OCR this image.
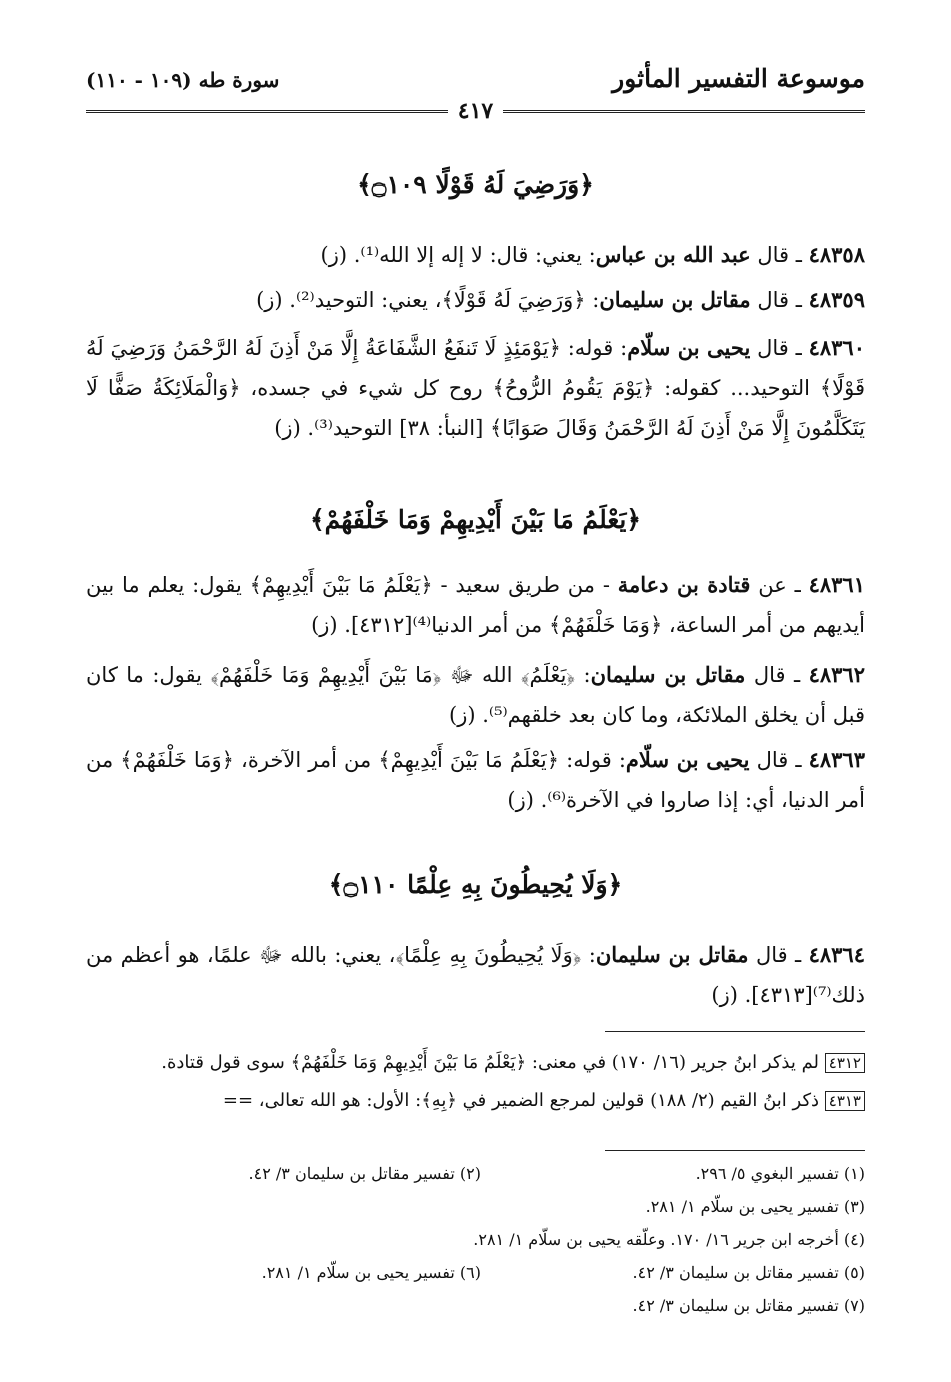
موسوعة التفسير المأثور
سورة طه (١٠٩ - ١١٠)
٤١٧
﴿وَرَضِيَ لَهُ قَوْلًا ۝١٠٩﴾
٤٨٣٥٨ ـ قال عبد الله بن عباس: يعني: قال: لا إله إلا الله⁽¹⁾. (ز)
٤٨٣٥٩ ـ قال مقاتل بن سليمان: ﴿وَرَضِيَ لَهُ قَوْلًا﴾، يعني: التوحيد⁽²⁾. (ز)
٤٨٣٦٠ ـ قال يحيى بن سلّام: قوله: ﴿يَوْمَئِذٍ لَا تَنفَعُ الشَّفَاعَةُ إِلَّا مَنْ أَذِنَ لَهُ الرَّحْمَنُ وَرَضِيَ لَهُ قَوْلًا﴾ التوحيد... كقوله: ﴿يَوْمَ يَقُومُ الرُّوحُ﴾ روح كل شيء في جسده، ﴿وَالْمَلَائِكَةُ صَفًّا لَا يَتَكَلَّمُونَ إِلَّا مَنْ أَذِنَ لَهُ الرَّحْمَنُ وَقَالَ صَوَابًا﴾ [النبأ: ٣٨] التوحيد⁽³⁾. (ز)
﴿يَعْلَمُ مَا بَيْنَ أَيْدِيهِمْ وَمَا خَلْفَهُمْ﴾
٤٨٣٦١ ـ عن قتادة بن دعامة - من طريق سعيد - ﴿يَعْلَمُ مَا بَيْنَ أَيْدِيهِمْ﴾ يقول: يعلم ما بين أيديهم من أمر الساعة، ﴿وَمَا خَلْفَهُمْ﴾ من أمر الدنيا⁽⁴⁾[٤٣١٢]. (ز)
٤٨٣٦٢ ـ قال مقاتل بن سليمان: ﴿يَعْلَمُ﴾ الله ﷻ ﴿مَا بَيْنَ أَيْدِيهِمْ وَمَا خَلْفَهُمْ﴾ يقول: ما كان قبل أن يخلق الملائكة، وما كان بعد خلقهم⁽⁵⁾. (ز)
٤٨٣٦٣ ـ قال يحيى بن سلّام: قوله: ﴿يَعْلَمُ مَا بَيْنَ أَيْدِيهِمْ﴾ من أمر الآخرة، ﴿وَمَا خَلْفَهُمْ﴾ من أمر الدنيا، أي: إذا صاروا في الآخرة⁽⁶⁾. (ز)
﴿وَلَا يُحِيطُونَ بِهِ عِلْمًا ۝١١٠﴾
٤٨٣٦٤ ـ قال مقاتل بن سليمان: ﴿وَلَا يُحِيطُونَ بِهِ عِلْمًا﴾، يعني: بالله ﷻ علمًا، هو أعظم من ذلك⁽⁷⁾[٤٣١٣]. (ز)
٤٣١٢ لم يذكر ابنُ جرير (١٦/ ١٧٠) في معنى: ﴿يَعْلَمُ مَا بَيْنَ أَيْدِيهِمْ وَمَا خَلْفَهُمْ﴾ سوى قول قتادة.
٤٣١٣ ذكر ابنُ القيم (٢/ ١٨٨) قولين لمرجع الضمير في ﴿بِهِ﴾: الأول: هو الله تعالى، ==
(١) تفسير البغوي ٥/ ٢٩٦.
(٢) تفسير مقاتل بن سليمان ٣/ ٤٢.
(٣) تفسير يحيى بن سلّام ١/ ٢٨١.
(٤) أخرجه ابن جرير ١٦/ ١٧٠. وعلّقه يحيى بن سلّام ١/ ٢٨١.
(٥) تفسير مقاتل بن سليمان ٣/ ٤٢.
(٦) تفسير يحيى بن سلّام ١/ ٢٨١.
(٧) تفسير مقاتل بن سليمان ٣/ ٤٢.
